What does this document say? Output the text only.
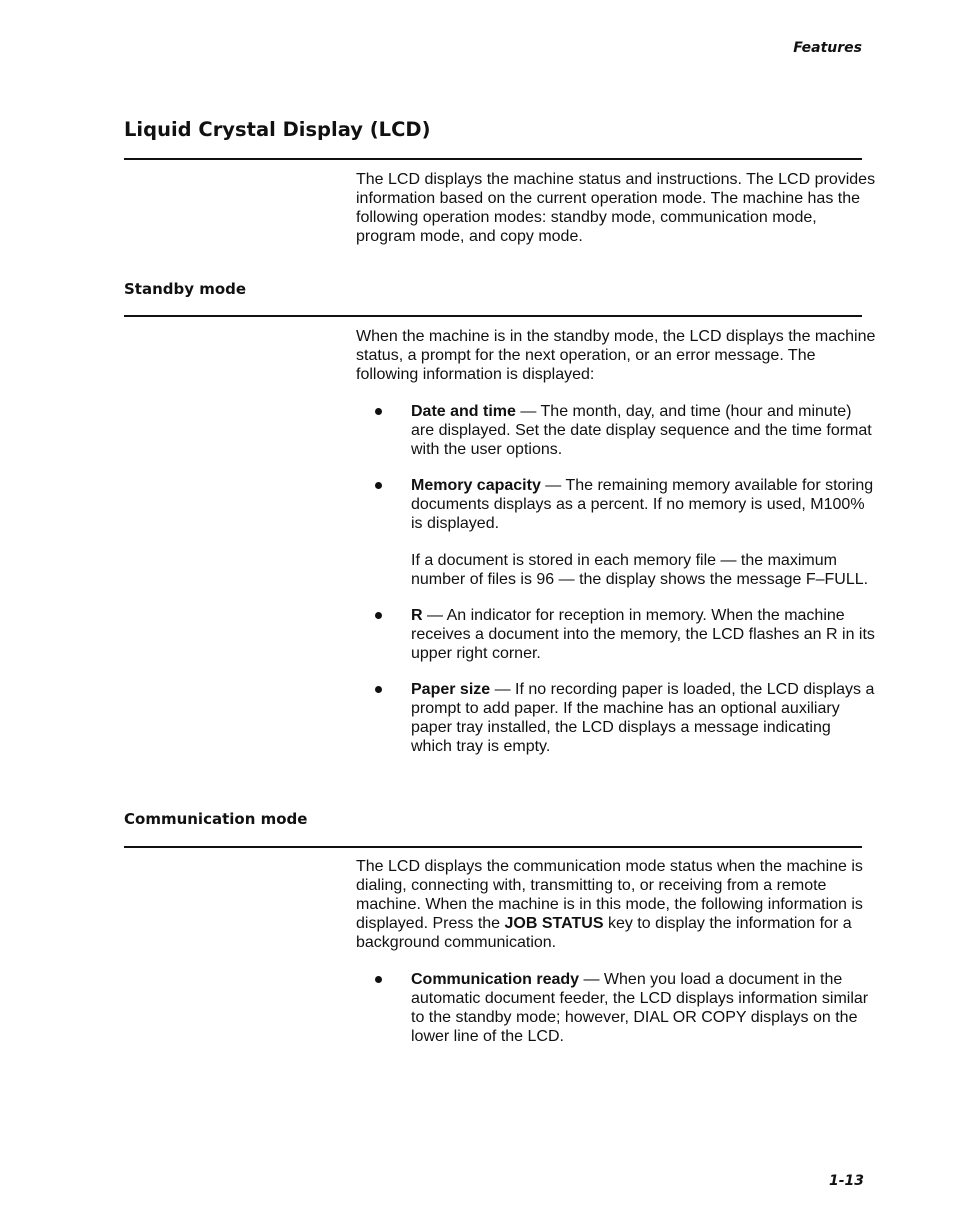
Features
Liquid Crystal Display (LCD)

The LCD displays the machine status and instructions. The LCD provides information based on the current operation mode. The machine has the following operation modes: standby mode, communication mode, program mode, and copy mode.

Standby mode

When the machine is in the standby mode, the LCD displays the machine status, a prompt for the next operation, or an error message. The following information is displayed:

Date and time — The month, day, and time (hour and minute) are displayed. Set the date display sequence and the time format with the user options.

Memory capacity — The remaining memory available for storing documents displays as a percent. If no memory is used, M100% is displayed.

If a document is stored in each memory file — the maximum number of files is 96 — the display shows the message F–FULL.

R — An indicator for reception in memory. When the machine receives a document into the memory, the LCD flashes an R in its upper right corner.

Paper size — If no recording paper is loaded, the LCD displays a prompt to add paper. If the machine has an optional auxiliary paper tray installed, the LCD displays a message indicating which tray is empty.

Communication mode

The LCD displays the communication mode status when the machine is dialing, connecting with, transmitting to, or receiving from a remote machine. When the machine is in this mode, the following information is displayed. Press the JOB STATUS key to display the information for a background communication.

Communication ready — When you load a document in the automatic document feeder, the LCD displays information similar to the standby mode; however, DIAL OR COPY displays on the lower line of the LCD.

1-13
